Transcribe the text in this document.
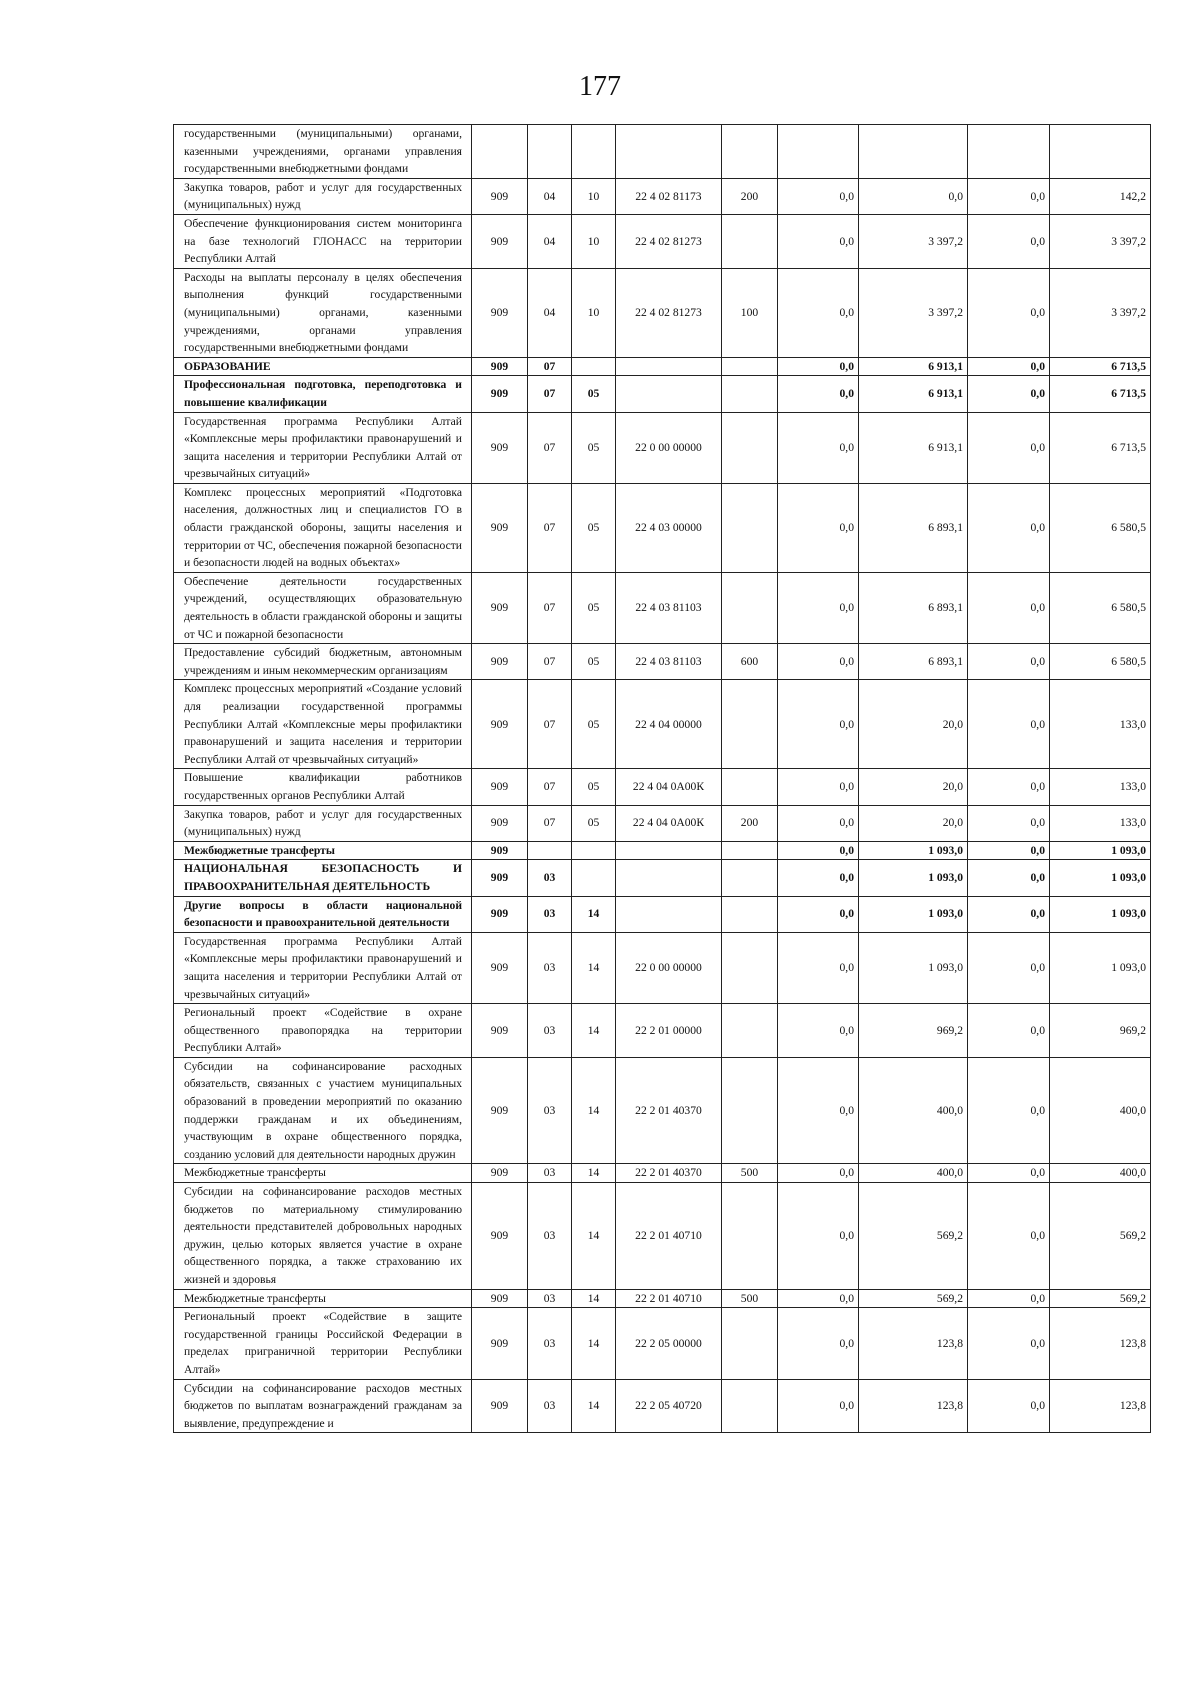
177
государственными (муниципальными) органами, казенными учреждениями, органами управления государственными внебюджетными фондами									
Закупка товаров, работ и услуг для государственных (муниципальных) нужд	909	04	10	22 4 02 81173	200	0,0	0,0	0,0	142,2
Обеспечение функционирования систем мониторинга на базе технологий ГЛОНАСС на территории Республики Алтай	909	04	10	22 4 02 81273		0,0	3 397,2	0,0	3 397,2
Расходы на выплаты персоналу в целях обеспечения выполнения функций государственными (муниципальными) органами, казенными учреждениями, органами управления государственными внебюджетными фондами	909	04	10	22 4 02 81273	100	0,0	3 397,2	0,0	3 397,2
ОБРАЗОВАНИЕ	909	07				0,0	6 913,1	0,0	6 713,5
Профессиональная подготовка, переподготовка и повышение квалификации	909	07	05			0,0	6 913,1	0,0	6 713,5
Государственная программа Республики Алтай «Комплексные меры профилактики правонарушений и защита населения и территории Республики Алтай от чрезвычайных ситуаций»	909	07	05	22 0 00 00000		0,0	6 913,1	0,0	6 713,5
Комплекс процессных мероприятий «Подготовка населения, должностных лиц и специалистов ГО в области гражданской обороны, защиты населения и территории от ЧС, обеспечения пожарной безопасности и безопасности людей на водных объектах»	909	07	05	22 4 03 00000		0,0	6 893,1	0,0	6 580,5
Обеспечение деятельности государственных учреждений, осуществляющих образовательную деятельность в области гражданской обороны и защиты от ЧС и пожарной безопасности	909	07	05	22 4 03 81103		0,0	6 893,1	0,0	6 580,5
Предоставление субсидий бюджетным, автономным учреждениям и иным некоммерческим организациям	909	07	05	22 4 03 81103	600	0,0	6 893,1	0,0	6 580,5
Комплекс процессных мероприятий «Создание условий для реализации государственной программы Республики Алтай «Комплексные меры профилактики правонарушений и защита населения и территории Республики Алтай от чрезвычайных ситуаций»	909	07	05	22 4 04 00000		0,0	20,0	0,0	133,0
Повышение квалификации работников государственных органов Республики Алтай	909	07	05	22 4 04 0А00К		0,0	20,0	0,0	133,0
Закупка товаров, работ и услуг для государственных (муниципальных) нужд	909	07	05	22 4 04 0А00К	200	0,0	20,0	0,0	133,0
Межбюджетные трансферты	909					0,0	1 093,0	0,0	1 093,0
НАЦИОНАЛЬНАЯ БЕЗОПАСНОСТЬ И ПРАВООХРАНИТЕЛЬНАЯ ДЕЯТЕЛЬНОСТЬ	909	03				0,0	1 093,0	0,0	1 093,0
Другие вопросы в области национальной безопасности и правоохранительной деятельности	909	03	14			0,0	1 093,0	0,0	1 093,0
Государственная программа Республики Алтай «Комплексные меры профилактики правонарушений и защита населения и территории Республики Алтай от чрезвычайных ситуаций»	909	03	14	22 0 00 00000		0,0	1 093,0	0,0	1 093,0
Региональный проект «Содействие в охране общественного правопорядка на территории Республики Алтай»	909	03	14	22 2 01 00000		0,0	969,2	0,0	969,2
Субсидии на софинансирование расходных обязательств, связанных с участием муниципальных образований в проведении мероприятий по оказанию поддержки гражданам и их объединениям, участвующим в охране общественного порядка, созданию условий для деятельности народных дружин	909	03	14	22 2 01 40370		0,0	400,0	0,0	400,0
Межбюджетные трансферты	909	03	14	22 2 01 40370	500	0,0	400,0	0,0	400,0
Субсидии на софинансирование расходов местных бюджетов по материальному стимулированию деятельности представителей добровольных народных дружин, целью которых является участие в охране общественного порядка, а также страхованию их жизней и здоровья	909	03	14	22 2 01 40710		0,0	569,2	0,0	569,2
Межбюджетные трансферты	909	03	14	22 2 01 40710	500	0,0	569,2	0,0	569,2
Региональный проект «Содействие в защите государственной границы Российской Федерации в пределах приграничной территории Республики Алтай»	909	03	14	22 2 05 00000		0,0	123,8	0,0	123,8
Субсидии на софинансирование расходов местных бюджетов по выплатам вознаграждений гражданам за выявление, предупреждение и	909	03	14	22 2 05 40720		0,0	123,8	0,0	123,8
